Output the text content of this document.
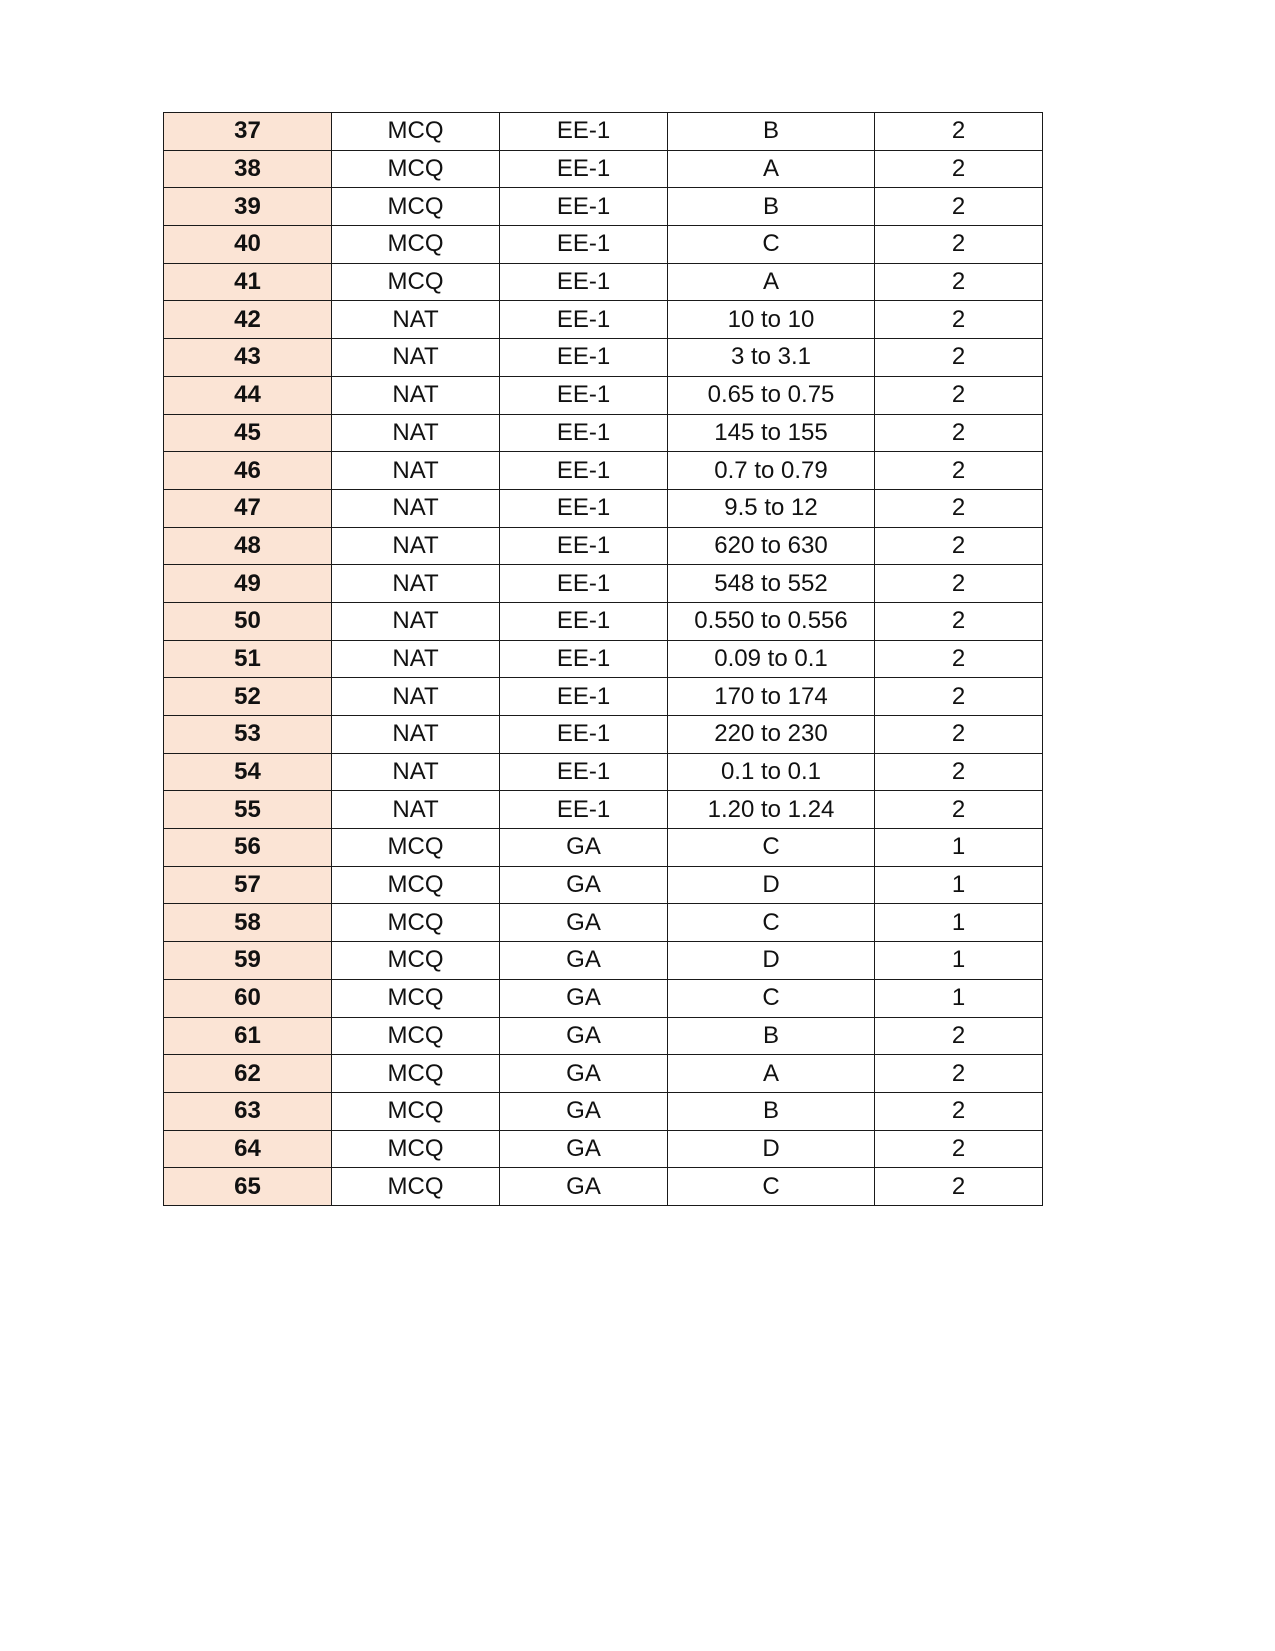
37	MCQ	EE-1	B	2
38	MCQ	EE-1	A	2
39	MCQ	EE-1	B	2
40	MCQ	EE-1	C	2
41	MCQ	EE-1	A	2
42	NAT	EE-1	10 to 10	2
43	NAT	EE-1	3 to 3.1	2
44	NAT	EE-1	0.65 to 0.75	2
45	NAT	EE-1	145 to 155	2
46	NAT	EE-1	0.7 to 0.79	2
47	NAT	EE-1	9.5 to 12	2
48	NAT	EE-1	620 to 630	2
49	NAT	EE-1	548 to 552	2
50	NAT	EE-1	0.550 to 0.556	2
51	NAT	EE-1	0.09 to 0.1	2
52	NAT	EE-1	170 to 174	2
53	NAT	EE-1	220 to 230	2
54	NAT	EE-1	0.1 to 0.1	2
55	NAT	EE-1	1.20 to 1.24	2
56	MCQ	GA	C	1
57	MCQ	GA	D	1
58	MCQ	GA	C	1
59	MCQ	GA	D	1
60	MCQ	GA	C	1
61	MCQ	GA	B	2
62	MCQ	GA	A	2
63	MCQ	GA	B	2
64	MCQ	GA	D	2
65	MCQ	GA	C	2
